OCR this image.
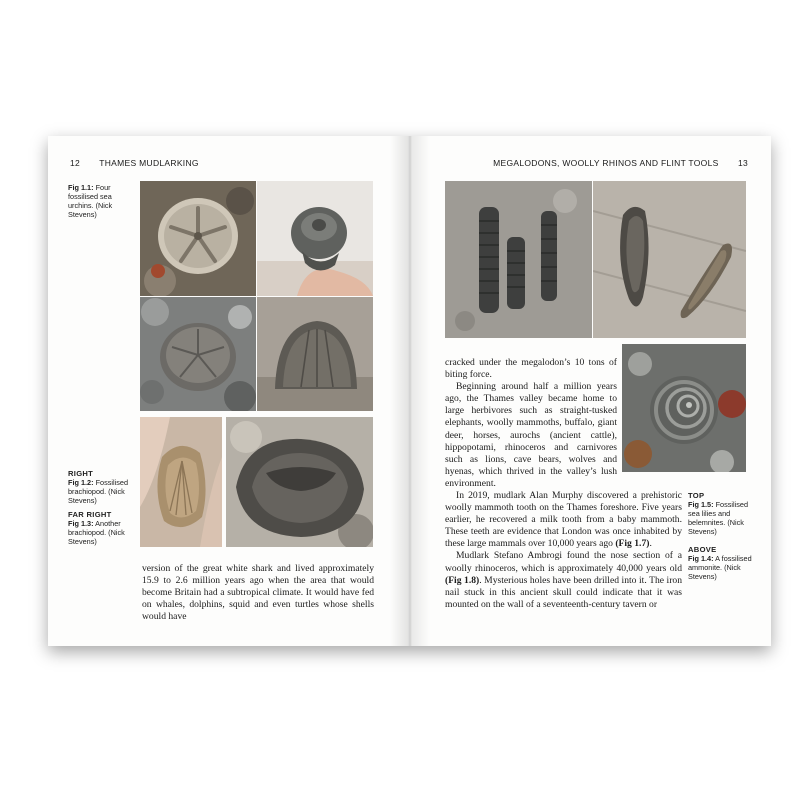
12 THAMES MUDLARKING
Fig 1.1: Four fossilised sea urchins. (Nick Stevens)
RIGHT
Fig 1.2: Fossilised brachiopod. (Nick Stevens)
FAR RIGHT
Fig 1.3: Another brachiopod. (Nick Stevens)

version of the great white shark and lived approximately 15.9 to 2.6 million years ago when the area that would become Britain had a subtropical climate. It would have fed on whales, dolphins, squid and even turtles whose shells would have

MEGALODONS, WOOLLY RHINOS AND FLINT TOOLS 13
TOP
Fig 1.5: Fossilised sea lilies and belemnites. (Nick Stevens)
ABOVE
Fig 1.4: A fossilised ammonite. (Nick Stevens)

cracked under the megalodon’s 10 tons of biting force.

Beginning around half a million years ago, the Thames valley became home to large herbivores such as straight-tusked elephants, woolly mammoths, buffalo, giant deer, horses, aurochs (ancient cattle), hippopotami, rhinoceros and carnivores such as lions, cave bears, wolves and hyenas, which thrived in the valley’s lush environment.

In 2019, mudlark Alan Murphy discovered a prehistoric woolly mammoth tooth on the Thames foreshore. Five years earlier, he recovered a milk tooth from a baby mammoth. These teeth are evidence that London was once inhabited by these large mammals over 10,000 years ago (Fig 1.7).

Mudlark Stefano Ambrogi found the nose section of a woolly rhinoceros, which is approximately 40,000 years old (Fig 1.8). Mysterious holes have been drilled into it. The iron nail stuck in this ancient skull could indicate that it was mounted on the wall of a seventeenth-century tavern or
